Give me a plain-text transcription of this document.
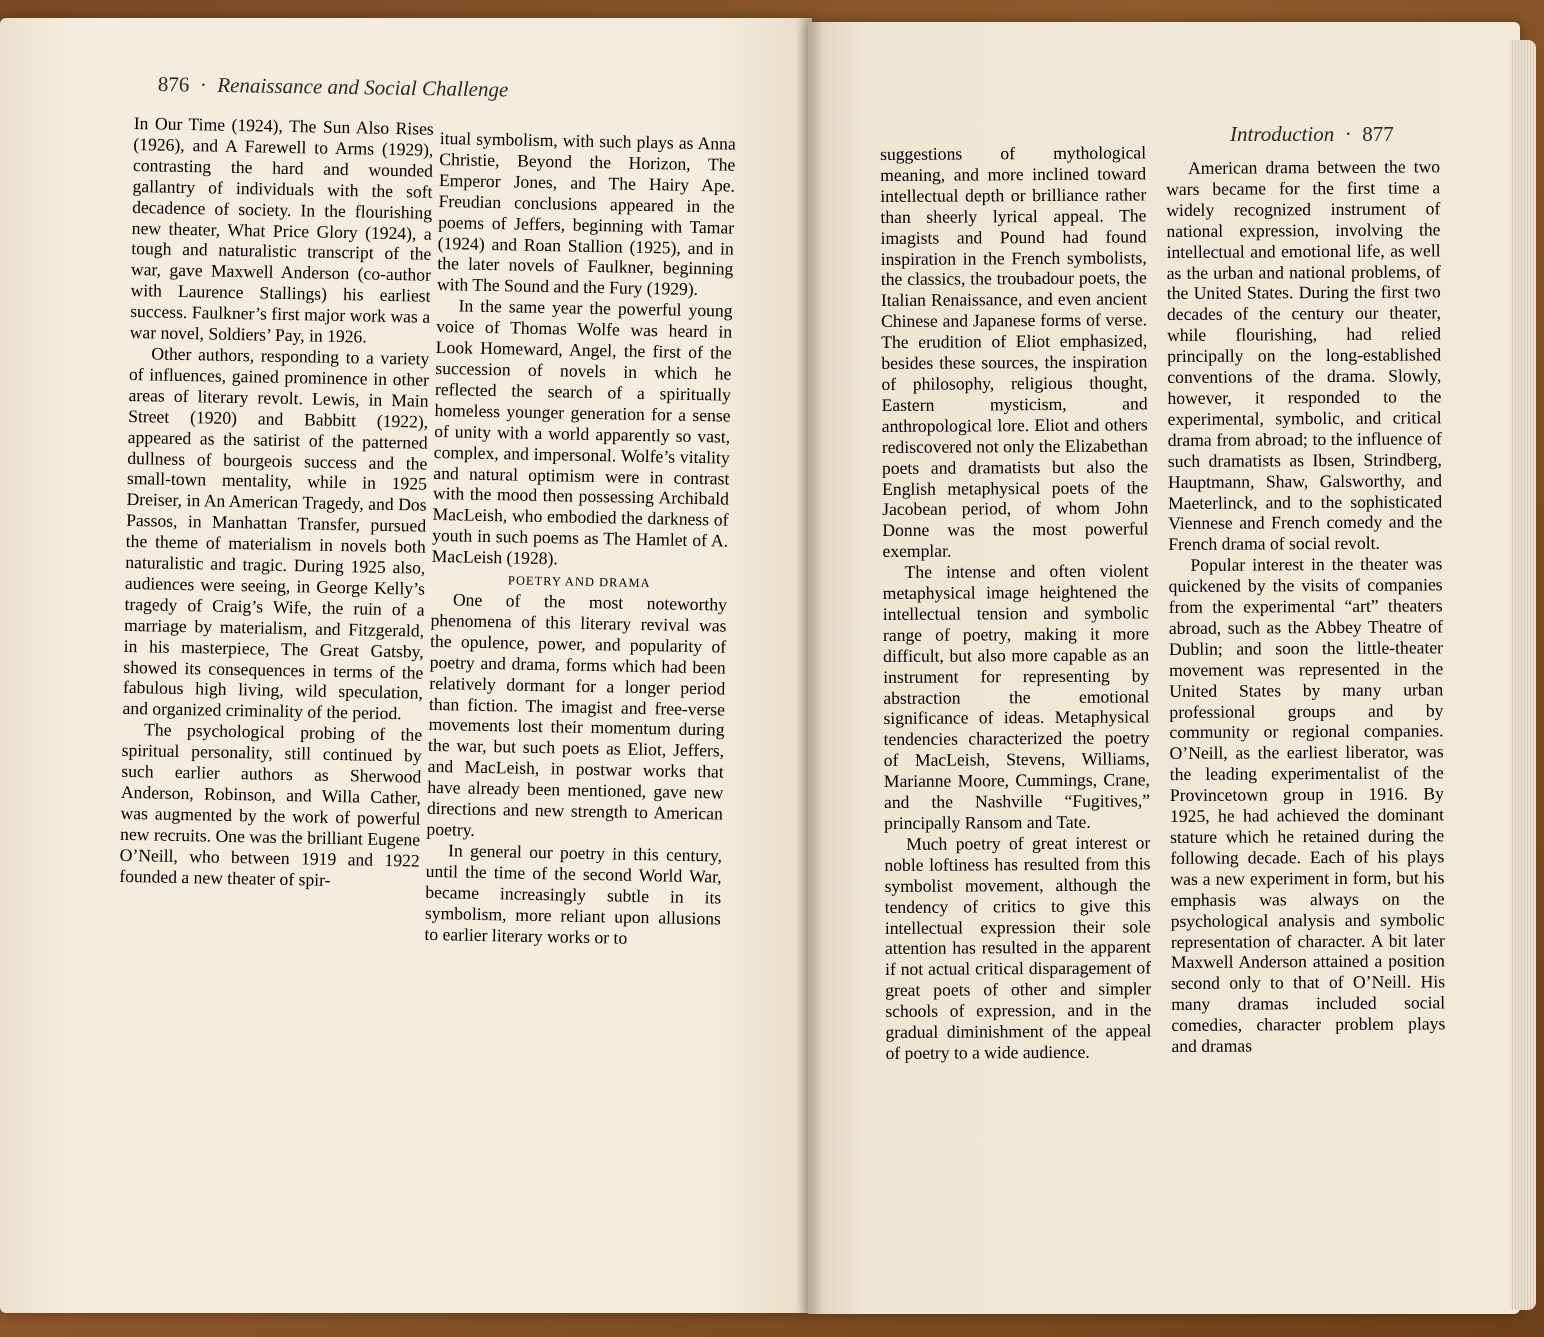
876 · Renaissance and Social Challenge
Introduction · 877

In Our Time (1924), The Sun Also Rises (1926), and A Farewell to Arms (1929), contrasting the hard and wounded gallantry of individuals with the soft decadence of society. In the flourishing new theater, What Price Glory (1924), a tough and naturalistic transcript of the war, gave Maxwell Anderson (co-author with Laurence Stallings) his earliest success. Faulkner’s first major work was a war novel, Soldiers’ Pay, in 1926.

Other authors, responding to a variety of influences, gained prominence in other areas of literary revolt. Lewis, in Main Street (1920) and Babbitt (1922), appeared as the satirist of the patterned dullness of bourgeois success and the small-town mentality, while in 1925 Dreiser, in An American Tragedy, and Dos Passos, in Manhattan Transfer, pursued the theme of materialism in novels both naturalistic and tragic. During 1925 also, audiences were seeing, in George Kelly’s tragedy of Craig’s Wife, the ruin of a marriage by materialism, and Fitzgerald, in his masterpiece, The Great Gatsby, showed its consequences in terms of the fabulous high living, wild speculation, and organized criminality of the period.

The psychological probing of the spiritual personality, still continued by such earlier authors as Sherwood Anderson, Robinson, and Willa Cather, was augmented by the work of powerful new recruits. One was the brilliant Eugene O’Neill, who between 1919 and 1922 founded a new theater of spir-

itual symbolism, with such plays as Anna Christie, Beyond the Horizon, The Emperor Jones, and The Hairy Ape. Freudian conclusions appeared in the poems of Jeffers, beginning with Tamar (1924) and Roan Stallion (1925), and in the later novels of Faulkner, beginning with The Sound and the Fury (1929).

In the same year the powerful young voice of Thomas Wolfe was heard in Look Homeward, Angel, the first of the succession of novels in which he reflected the search of a spiritually homeless younger generation for a sense of unity with a world apparently so vast, complex, and impersonal. Wolfe’s vitality and natural optimism were in contrast with the mood then possessing Archibald MacLeish, who embodied the darkness of youth in such poems as The Hamlet of A. MacLeish (1928).

POETRY AND DRAMA

One of the most noteworthy phenomena of this literary revival was the opulence, power, and popularity of poetry and drama, forms which had been relatively dormant for a longer period than fiction. The imagist and free-verse movements lost their momentum during the war, but such poets as Eliot, Jeffers, and MacLeish, in postwar works that have already been mentioned, gave new directions and new strength to American poetry.

In general our poetry in this century, until the time of the second World War, became increasingly subtle in its symbolism, more reliant upon allusions to earlier literary works or to

suggestions of mythological meaning, and more inclined toward intellectual depth or brilliance rather than sheerly lyrical appeal. The imagists and Pound had found inspiration in the French symbolists, the classics, the troubadour poets, the Italian Renaissance, and even ancient Chinese and Japanese forms of verse. The erudition of Eliot emphasized, besides these sources, the inspiration of philosophy, religious thought, Eastern mysticism, and anthropological lore. Eliot and others rediscovered not only the Elizabethan poets and dramatists but also the English metaphysical poets of the Jacobean period, of whom John Donne was the most powerful exemplar.

The intense and often violent metaphysical image heightened the intellectual tension and symbolic range of poetry, making it more difficult, but also more capable as an instrument for representing by abstraction the emotional significance of ideas. Metaphysical tendencies characterized the poetry of MacLeish, Stevens, Williams, Marianne Moore, Cummings, Crane, and the Nashville “Fugitives,” principally Ransom and Tate.

Much poetry of great interest or noble loftiness has resulted from this symbolist movement, although the tendency of critics to give this intellectual expression their sole attention has resulted in the apparent if not actual critical disparagement of great poets of other and simpler schools of expression, and in the gradual diminishment of the appeal of poetry to a wide audience.

American drama between the two wars became for the first time a widely recognized instrument of national expression, involving the intellectual and emotional life, as well as the urban and national problems, of the United States. During the first two decades of the century our theater, while flourishing, had relied principally on the long-established conventions of the drama. Slowly, however, it responded to the experimental, symbolic, and critical drama from abroad; to the influence of such dramatists as Ibsen, Strindberg, Hauptmann, Shaw, Galsworthy, and Maeterlinck, and to the sophisticated Viennese and French comedy and the French drama of social revolt.

Popular interest in the theater was quickened by the visits of companies from the experimental “art” theaters abroad, such as the Abbey Theatre of Dublin; and soon the little-theater movement was represented in the United States by many urban professional groups and by community or regional companies. O’Neill, as the earliest liberator, was the leading experimentalist of the Provincetown group in 1916. By 1925, he had achieved the dominant stature which he retained during the following decade. Each of his plays was a new experiment in form, but his emphasis was always on the psychological analysis and symbolic representation of character. A bit later Maxwell Anderson attained a position second only to that of O’Neill. His many dramas included social comedies, character problem plays and dramas
